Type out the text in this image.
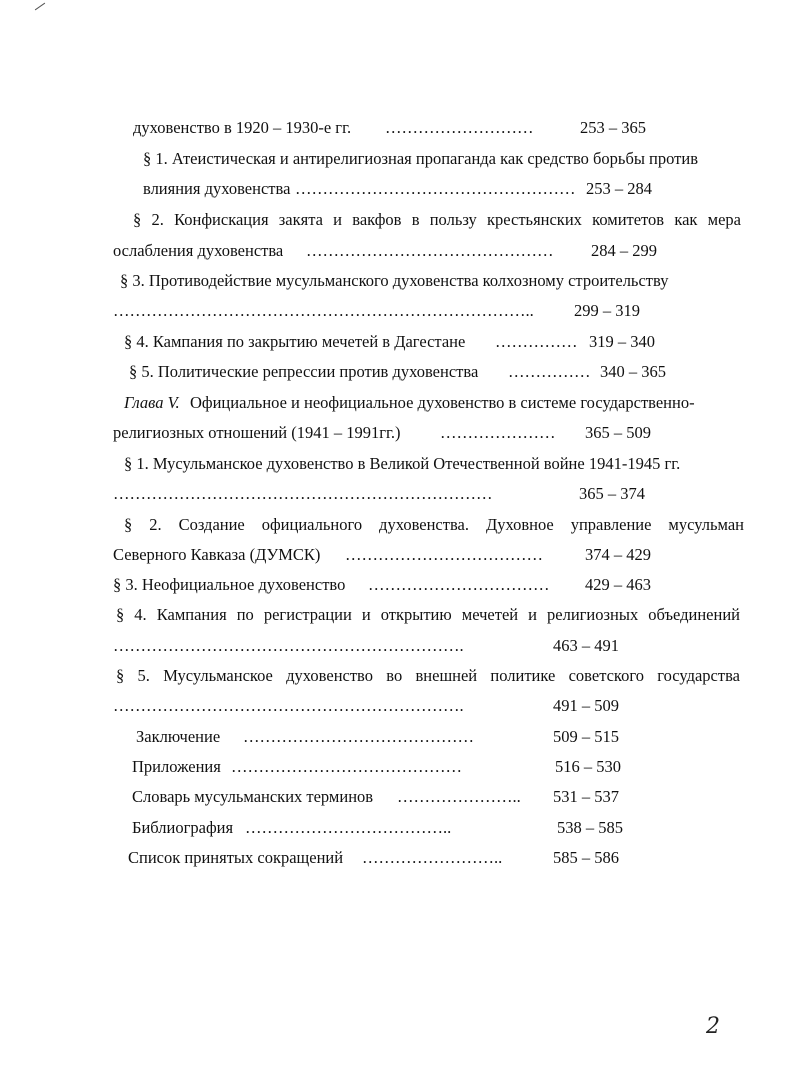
духовенство в 1920 – 1930-е гг. ………………………	253 – 365
§ 1. Атеистическая и антирелигиозная пропаганда как средство борьбы против
влияния духовенства …………………………………………… 253 – 284
§ 2. Конфискация закята и вакфов в пользу крестьянских комитетов как мера
ослабления духовенства ……………………………………… 284 – 299
§ 3. Противодействие мусульманского духовенства колхозному строительству
………………………………………………………………….. 299 – 319
§ 4. Кампания по закрытию мечетей в Дагестане …………… 319 – 340
§ 5. Политические репрессии против духовенства …………… 340 – 365
Глава V. Официальное и неофициальное духовенство в системе государственно-
религиозных отношений (1941 – 1991гг.) ………………… 365 – 509
§ 1. Мусульманское духовенство в Великой Отечественной войне 1941-1945 гг.
……………………………………………………………	365 – 374
§ 2. Создание официального духовенства. Духовное управление мусульман
Северного Кавказа (ДУМСК) ………………………………	374 – 429
§ 3. Неофициальное духовенство …………………………… 429 – 463
§ 4. Кампания по регистрации и открытию мечетей и религиозных объединений
……………………………………………………….	463 – 491
§ 5. Мусульманское духовенство во внешней политике советского государства
……………………………………………………….	491 – 509
Заключение ……………………………………	509 – 515
Приложения ……………………………………	516 – 530
Словарь мусульманских терминов ………………….. 531 – 537
Библиография ………………………………..	538 – 585
Список принятых сокращений ……………………..	585 – 586
2
